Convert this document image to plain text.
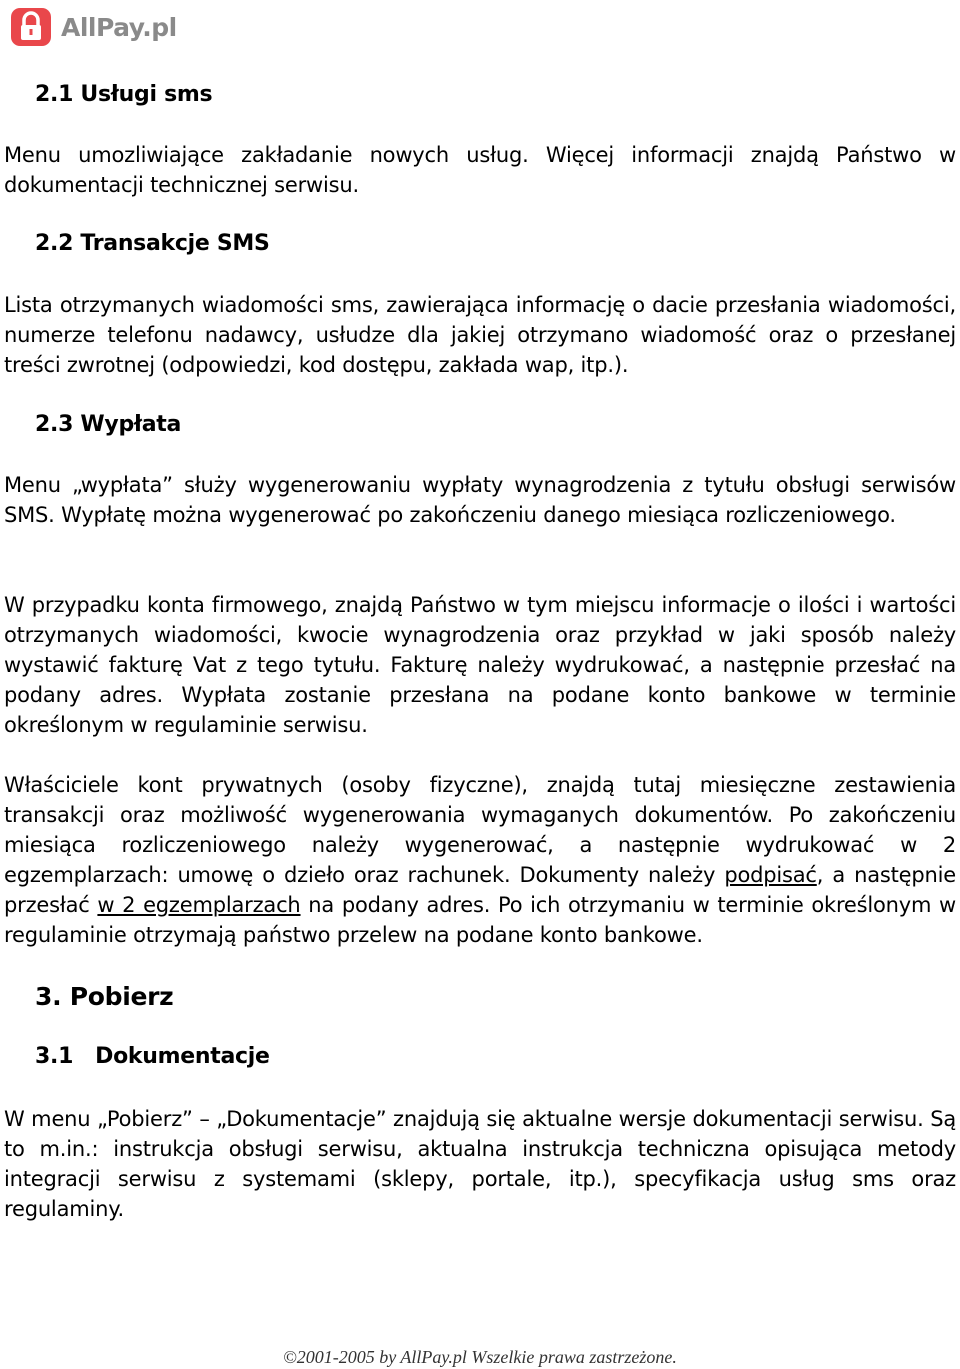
AllPay.pl
2.1 Usługi sms
Menu umozliwiające zakładanie nowych usług. Więcej informacji znajdą Państwo w dokumentacji technicznej serwisu.
2.2 Transakcje SMS
Lista otrzymanych wiadomości sms, zawierająca informację o dacie przesłania wiadomości, numerze telefonu nadawcy, usłudze dla jakiej otrzymano wiadomość oraz o przesłanej treści zwrotnej (odpowiedzi, kod dostępu, zakłada wap, itp.).
2.3 Wypłata
Menu „wypłata” służy wygenerowaniu wypłaty wynagrodzenia z tytułu obsługi serwisów SMS. Wypłatę można wygenerować po zakończeniu danego miesiąca rozliczeniowego.
W przypadku konta firmowego, znajdą Państwo w tym miejscu informacje o ilości i wartości otrzymanych wiadomości, kwocie wynagrodzenia oraz przykład w jaki sposób należy wystawić fakturę Vat z tego tytułu. Fakturę należy wydrukować, a następnie przesłać na podany adres. Wypłata zostanie przesłana na podane konto bankowe w terminie określonym w regulaminie serwisu.
Właściciele kont prywatnych (osoby fizyczne), znajdą tutaj miesięczne zestawienia transakcji oraz możliwość wygenerowania wymaganych dokumentów. Po zakończeniu miesiąca rozliczeniowego należy wygenerować, a następnie wydrukować w 2 egzemplarzach: umowę o dzieło oraz rachunek. Dokumenty należy podpisać, a następnie przesłać w 2 egzemplarzach na podany adres. Po ich otrzymaniu w terminie określonym w regulaminie otrzymają państwo przelew na podane konto bankowe.
3. Pobierz
3.1   Dokumentacje
W menu „Pobierz” – „Dokumentacje” znajdują się aktualne wersje dokumentacji serwisu. Są to m.in.: instrukcja obsługi serwisu, aktualna instrukcja techniczna opisująca metody integracji serwisu z systemami (sklepy, portale, itp.), specyfikacja usług sms oraz regulaminy.
©2001-2005 by AllPay.pl Wszelkie prawa zastrzeżone.
